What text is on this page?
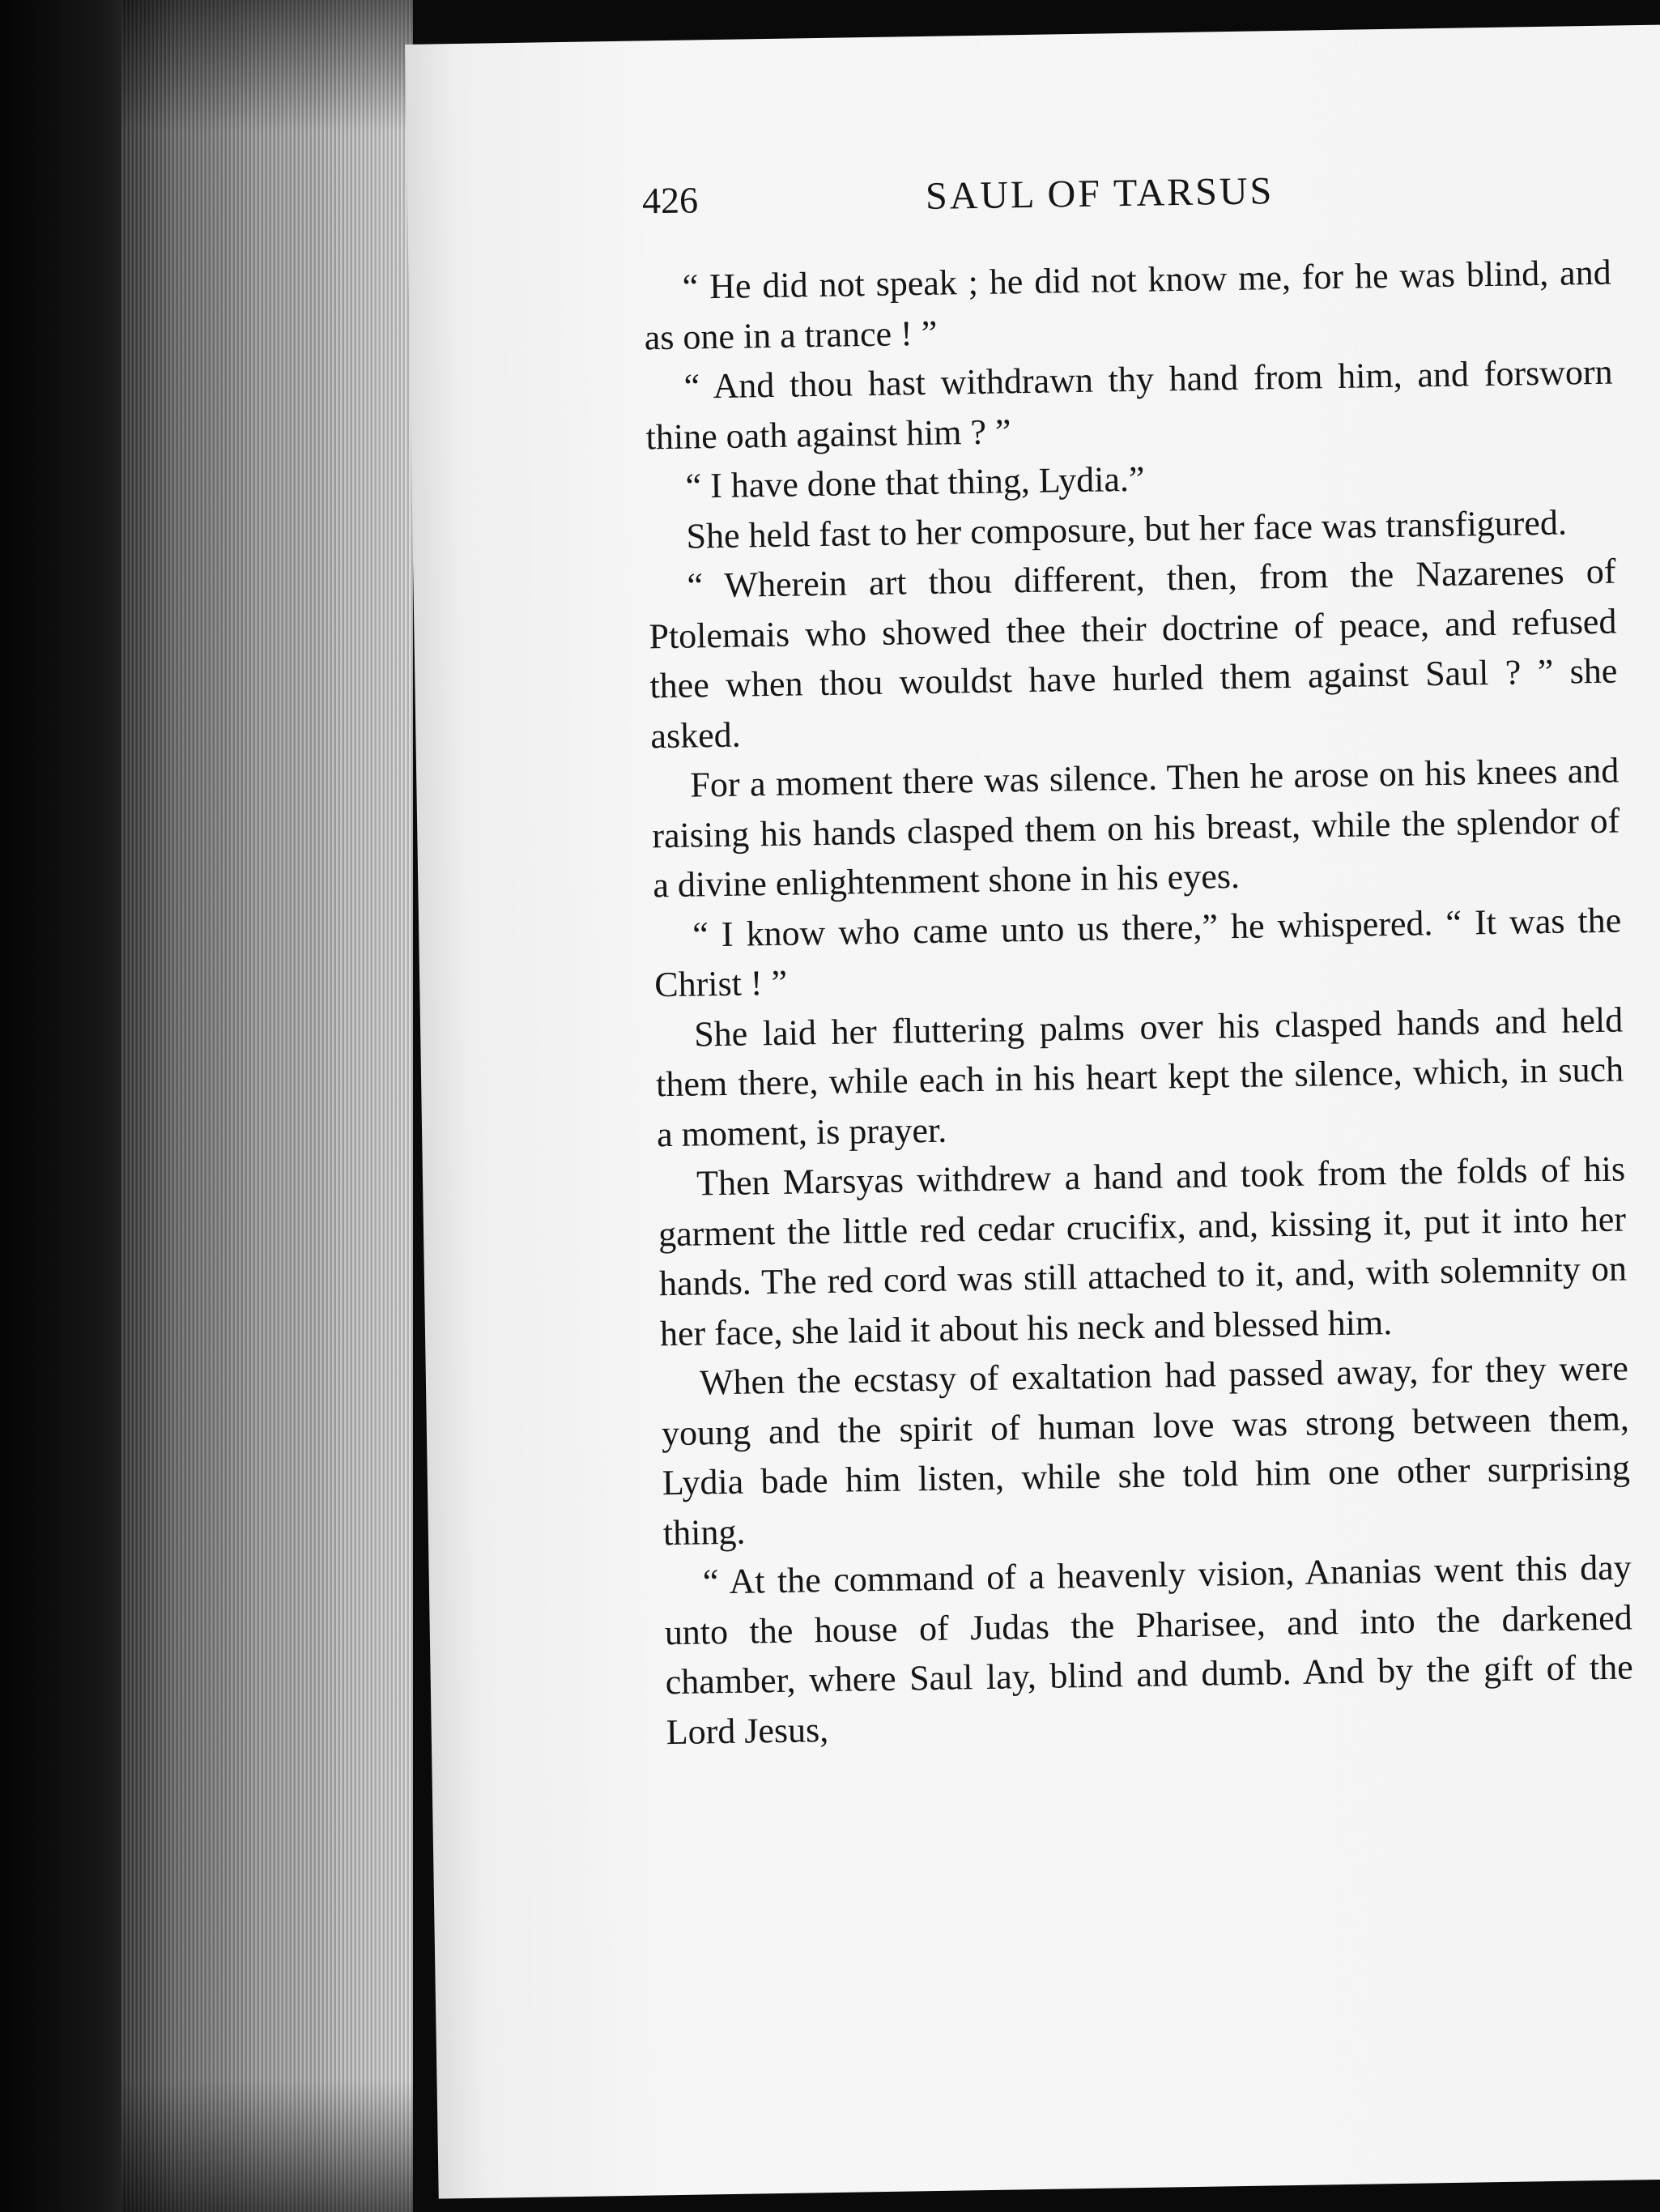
426	SAUL OF TARSUS

“ He did not speak ; he did not know me, for he was blind, and as one in a trance ! ”

“ And thou hast withdrawn thy hand from him, and forsworn thine oath against him ? ”

“ I have done that thing, Lydia.”

She held fast to her composure, but her face was transfigured.

“ Wherein art thou different, then, from the Nazarenes of Ptolemais who showed thee their doctrine of peace, and refused thee when thou wouldst have hurled them against Saul ? ” she asked.

For a moment there was silence. Then he arose on his knees and raising his hands clasped them on his breast, while the splendor of a divine enlightenment shone in his eyes.

“ I know who came unto us there,” he whispered. “ It was the Christ ! ”

She laid her fluttering palms over his clasped hands and held them there, while each in his heart kept the silence, which, in such a moment, is prayer.

Then Marsyas withdrew a hand and took from the folds of his garment the little red cedar crucifix, and, kissing it, put it into her hands. The red cord was still attached to it, and, with solemnity on her face, she laid it about his neck and blessed him.

When the ecstasy of exaltation had passed away, for they were young and the spirit of human love was strong between them, Lydia bade him listen, while she told him one other surprising thing.

“ At the command of a heavenly vision, Ananias went this day unto the house of Judas the Pharisee, and into the darkened chamber, where Saul lay, blind and dumb. And by the gift of the Lord Jesus,
